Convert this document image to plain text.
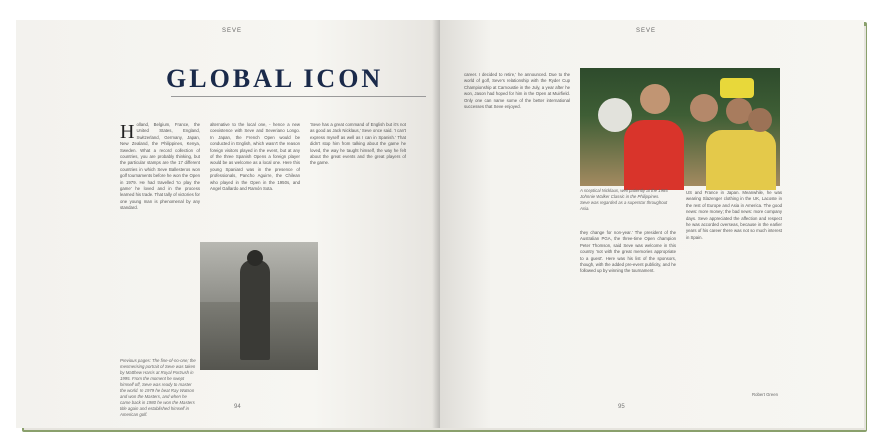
SEVE
GLOBAL ICON
H olland, Belgium, France, the United States, England, Switzerland, Germany, Japan, New Zealand, the Philippines, Kenya, Sweden. What a record collection of countries, you are probably thinking, but the particular stamps are the 17 different countries in which Seve Ballesteros won golf tournaments before he won the Open in 1979. He had travelled 'to play the game' he loved and in the process learned his trade. That tally of victories for one young man is phenomenal by any standard.
alternative to the local one, - hence a new coexistence with Seve and Severiano Longo. In Japan, the French Open would be conducted in English, which wasn't the reason foreign visitors played in the event, but at any of the three Spanish Opens a foreign player would be as welcome as a local one. Here this young Spaniard was in the presence of professionals, Pancho Aguirre, the Chilean who played in the Open in the 1950s, and Angel Gallardo and Ramón Sota.
'Seve has a great command of English but it's not as good as Jack Nicklaus,' Seve once said. 'I can't express myself as well as I can in Spanish.' That didn't stop him from talking about the game he loved, the way he taught himself, the way he felt about the great events and the great players of the game.
Previous pages: The fine-of-no-one; the mesmerising portrait of Seve was taken by Matthew Harris at Royal Portrush in 1995. From the moment he swept himself off, Seve was ready to master the world. In 1979 he beat Ray Watson and won the Masters, and when he came back in 1980 he won the Masters title again and established himself in American golf.
94
SEVE
career. I decided to retire,' he announced. Due to the world of golf, Seve's relationship with the Ryder Cup Championship at Carnoustie in the July, a year after he won, Jason had hoped for him in the Open at Muirfield. Only one can name some of the better international successes that Seve enjoyed.
A sceptical Nicklaus, well patiently at the 1985 Johnnie Walker Classic in the Philippines. Seve was regarded as a superstar throughout Asia.
they change for non-year.' The president of the Australian PGA, the three-time Open champion Peter Thomson, said Seve was welcome in this country 'not with the great memories appropriate to a guest'. Here was his list of the sponsors, though, with the added pre-event publicity, and he followed up by winning the tournament.
US and France in Japan. Meanwhile, he was wearing Slazenger clothing in the UK, Lacoste in the rest of Europe and Asia in America. The good news: more money; the bad news: more company days. Seve appreciated the affection and respect he was accorded overseas, because in the earlier years of his career there was not so much interest in Spain.
Robert Green
95
